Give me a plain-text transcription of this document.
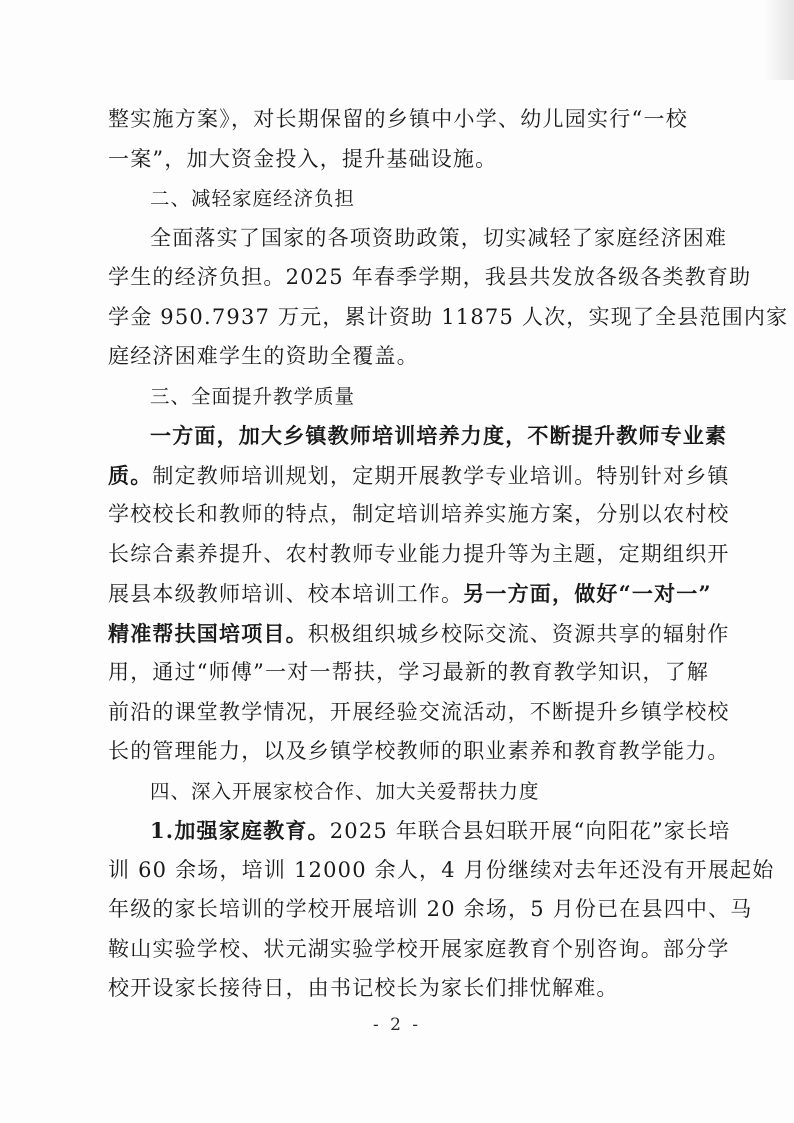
整实施方案》，对长期保留的乡镇中小学、幼儿园实行“一校
一案”，加大资金投入，提升基础设施。
二、减轻家庭经济负担
全面落实了国家的各项资助政策，切实减轻了家庭经济困难
学生的经济负担。2025 年春季学期，我县共发放各级各类教育助
学金 950.7937 万元，累计资助 11875 人次，实现了全县范围内家
庭经济困难学生的资助全覆盖。
三、全面提升教学质量
一方面，加大乡镇教师培训培养力度，不断提升教师专业素
质。制定教师培训规划，定期开展教学专业培训。特别针对乡镇
学校校长和教师的特点，制定培训培养实施方案，分别以农村校
长综合素养提升、农村教师专业能力提升等为主题，定期组织开
展县本级教师培训、校本培训工作。另一方面，做好“一对一”
精准帮扶国培项目。积极组织城乡校际交流、资源共享的辐射作
用，通过“师傅”一对一帮扶，学习最新的教育教学知识，了解
前沿的课堂教学情况，开展经验交流活动，不断提升乡镇学校校
长的管理能力，以及乡镇学校教师的职业素养和教育教学能力。
四、深入开展家校合作、加大关爱帮扶力度
1.加强家庭教育。2025 年联合县妇联开展“向阳花”家长培
训 60 余场，培训 12000 余人，4 月份继续对去年还没有开展起始
年级的家长培训的学校开展培训 20 余场，5 月份已在县四中、马
鞍山实验学校、状元湖实验学校开展家庭教育个别咨询。部分学
校开设家长接待日，由书记校长为家长们排忧解难。
- 2 -
